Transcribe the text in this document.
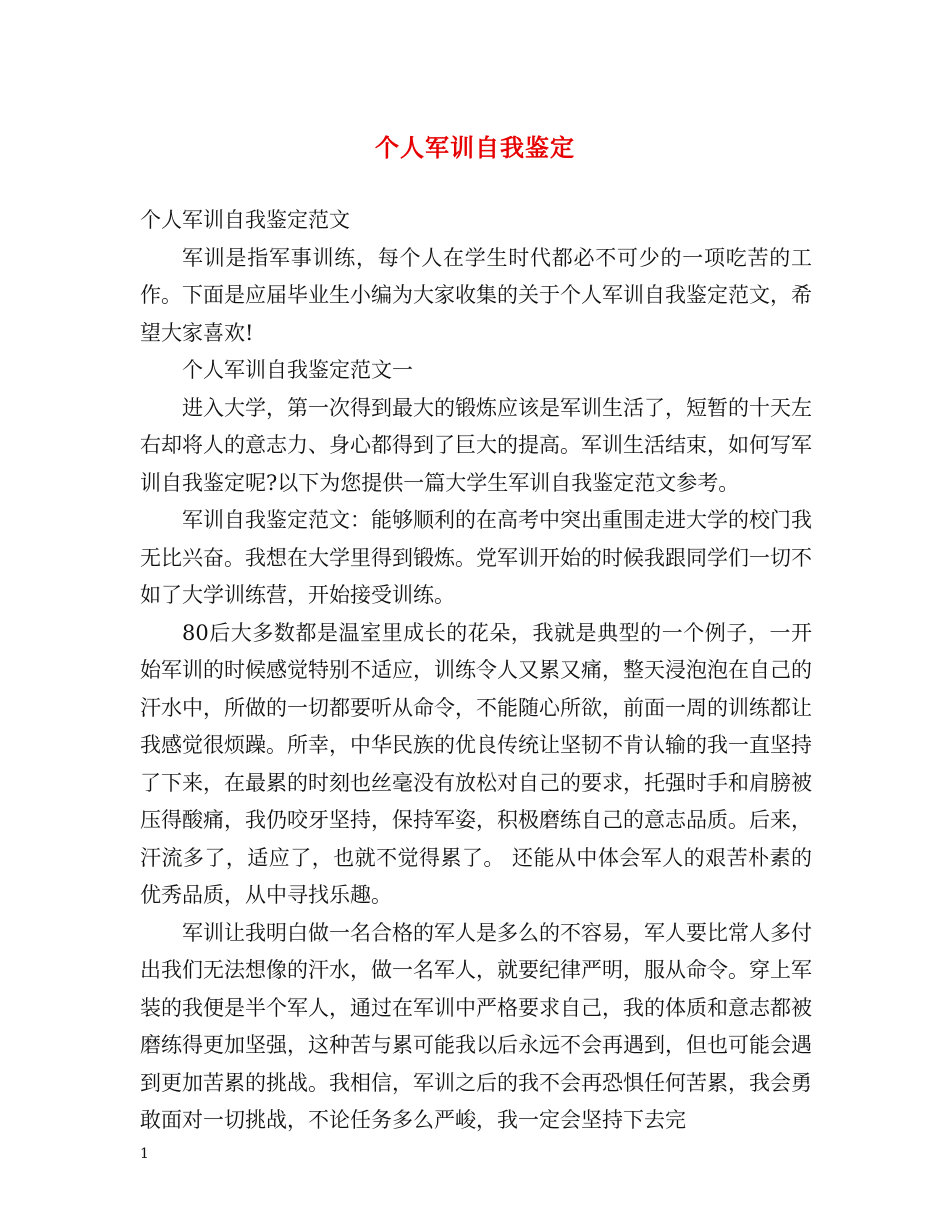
个人军训自我鉴定

个人军训自我鉴定范文

军训是指军事训练，每个人在学生时代都必不可少的一项吃苦的工作。下面是应届毕业生小编为大家收集的关于个人军训自我鉴定范文，希望大家喜欢!

个人军训自我鉴定范文一

进入大学，第一次得到最大的锻炼应该是军训生活了，短暂的十天左右却将人的意志力、身心都得到了巨大的提高。军训生活结束，如何写军训自我鉴定呢?以下为您提供一篇大学生军训自我鉴定范文参考。

军训自我鉴定范文：能够顺利的在高考中突出重围走进大学的校门我无比兴奋。我想在大学里得到锻炼。党军训开始的时候我跟同学们一切不如了大学训练营，开始接受训练。

80后大多数都是温室里成长的花朵，我就是典型的一个例子，一开始军训的时候感觉特别不适应，训练令人又累又痛，整天浸泡泡在自己的汗水中，所做的一切都要听从命令，不能随心所欲，前面一周的训练都让我感觉很烦躁。所幸，中华民族的优良传统让坚韧不肯认输的我一直坚持了下来，在最累的时刻也丝毫没有放松对自己的要求，托强时手和肩膀被压得酸痛，我仍咬牙坚持，保持军姿，积极磨练自己的意志品质。后来，汗流多了，适应了，也就不觉得累了。 还能从中体会军人的艰苦朴素的优秀品质，从中寻找乐趣。

军训让我明白做一名合格的军人是多么的不容易，军人要比常人多付出我们无法想像的汗水，做一名军人，就要纪律严明，服从命令。穿上军装的我便是半个军人，通过在军训中严格要求自己，我的体质和意志都被磨练得更加坚强，这种苦与累可能我以后永远不会再遇到，但也可能会遇到更加苦累的挑战。我相信，军训之后的我不会再恐惧任何苦累，我会勇敢面对一切挑战，不论任务多么严峻，我一定会坚持下去完

1
